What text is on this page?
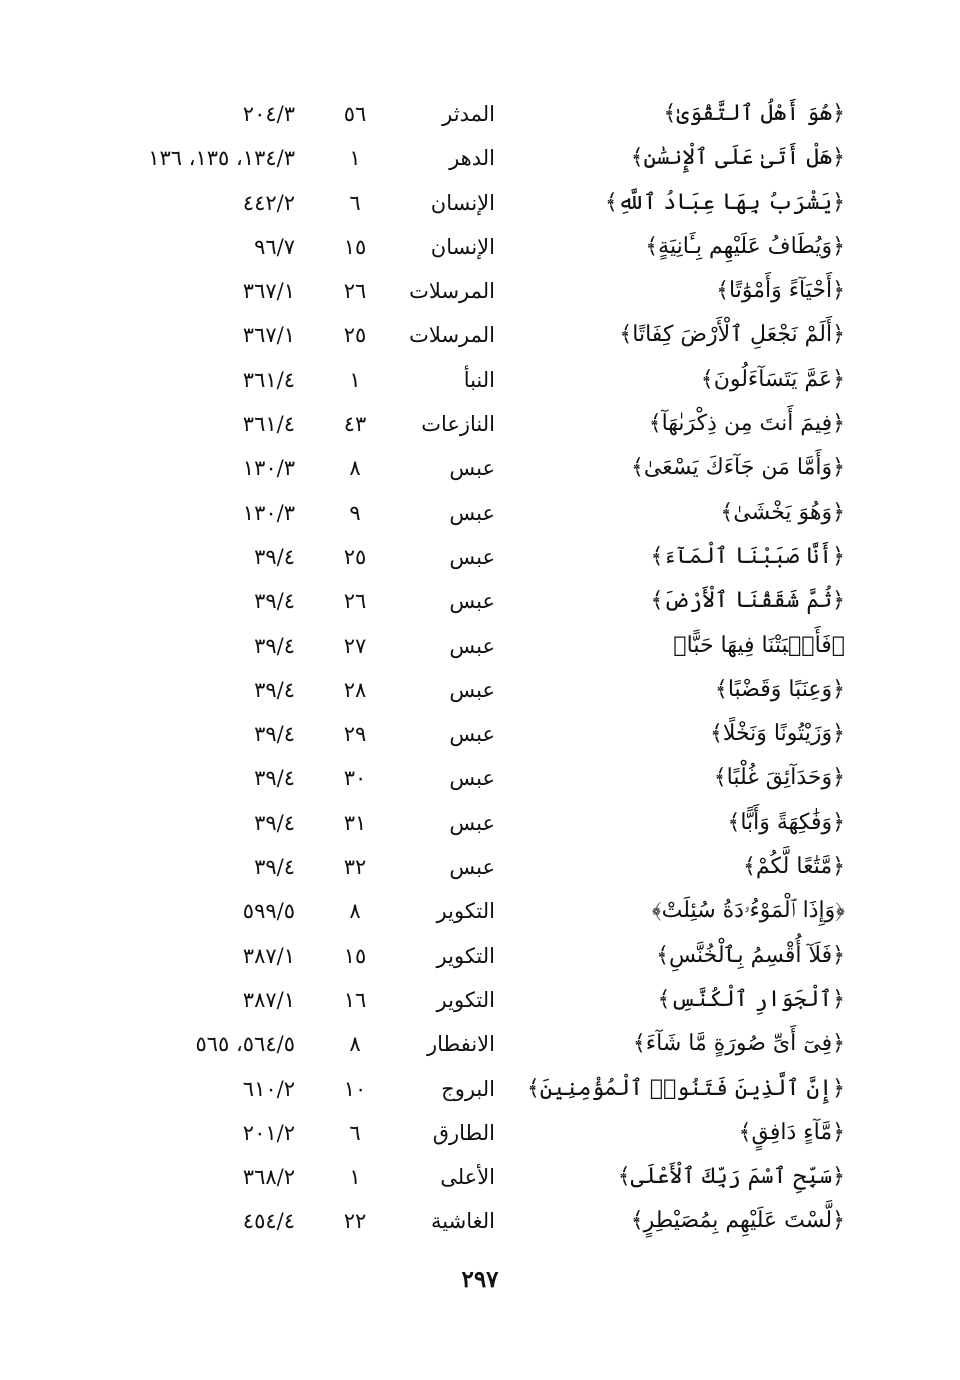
﴿هُوَ أَهْلُ ٱلتَّقْوَىٰ﴾
المدثر
٥٦
٢٠٤/٣
﴿هَلْ أَتَىٰ عَلَى ٱلْإِنسَٰنِ﴾
الدهر
١
١٣٤/٣، ١٣٥، ١٣٦
﴿يَشْرَبُ بِهَا عِبَادُ ٱللَّهِ﴾
الإنسان
٦
٤٤٢/٢
﴿وَيُطَافُ عَلَيْهِم بِـَٔانِيَةٍ﴾
الإنسان
١٥
٩٦/٧
﴿أَحْيَآءً وَأَمْوَٰتًا﴾
المرسلات
٢٦
٣٦٧/١
﴿أَلَمْ نَجْعَلِ ٱلْأَرْضَ كِفَاتًا﴾
المرسلات
٢٥
٣٦٧/١
﴿عَمَّ يَتَسَآءَلُونَ﴾
النبأ
١
٣٦١/٤
﴿فِيمَ أَنتَ مِن ذِكْرَىٰهَآ﴾
النازعات
٤٣
٣٦١/٤
﴿وَأَمَّا مَن جَآءَكَ يَسْعَىٰ﴾
عبس
٨
١٣٠/٣
﴿وَهُوَ يَخْشَىٰ﴾
عبس
٩
١٣٠/٣
﴿أَنَّا صَبَبْنَا ٱلْمَآءَ﴾
عبس
٢٥
٣٩/٤
﴿ثُمَّ شَقَقْنَا ٱلْأَرْضَ﴾
عبس
٢٦
٣٩/٤
﴿فَأَنۢبَتْنَا فِيهَا حَبًّا﴾
عبس
٢٧
٣٩/٤
﴿وَعِنَبًا وَقَضْبًا﴾
عبس
٢٨
٣٩/٤
﴿وَزَيْتُونًا وَنَخْلًا﴾
عبس
٢٩
٣٩/٤
﴿وَحَدَآئِقَ غُلْبًا﴾
عبس
٣٠
٣٩/٤
﴿وَفَٰكِهَةً وَأَبًّا﴾
عبس
٣١
٣٩/٤
﴿مَّتَٰعًا لَّكُمْ﴾
عبس
٣٢
٣٩/٤
﴿وَإِذَا ٱلْمَوْءُۥدَةُ سُئِلَتْ﴾
التكوير
٨
٥٩٩/٥
﴿فَلَآ أُقْسِمُ بِٱلْخُنَّسِ﴾
التكوير
١٥
٣٨٧/١
﴿ٱلْجَوَارِ ٱلْكُنَّسِ﴾
التكوير
١٦
٣٨٧/١
﴿فِىٓ أَىِّ صُورَةٍ مَّا شَآءَ﴾
الانفطار
٨
٥٦٤/٥، ٥٦٥
﴿إِنَّ ٱلَّذِينَ فَتَنُوا۟ ٱلْمُؤْمِنِينَ﴾
البروج
١٠
٦١٠/٢
﴿مَّآءٍ دَافِقٍ﴾
الطارق
٦
٢٠١/٢
﴿سَبِّحِ ٱسْمَ رَبِّكَ ٱلْأَعْلَى﴾
الأعلى
١
٣٦٨/٢
﴿لَّسْتَ عَلَيْهِم بِمُصَيْطِرٍ﴾
الغاشية
٢٢
٤٥٤/٤
٢٩٧
